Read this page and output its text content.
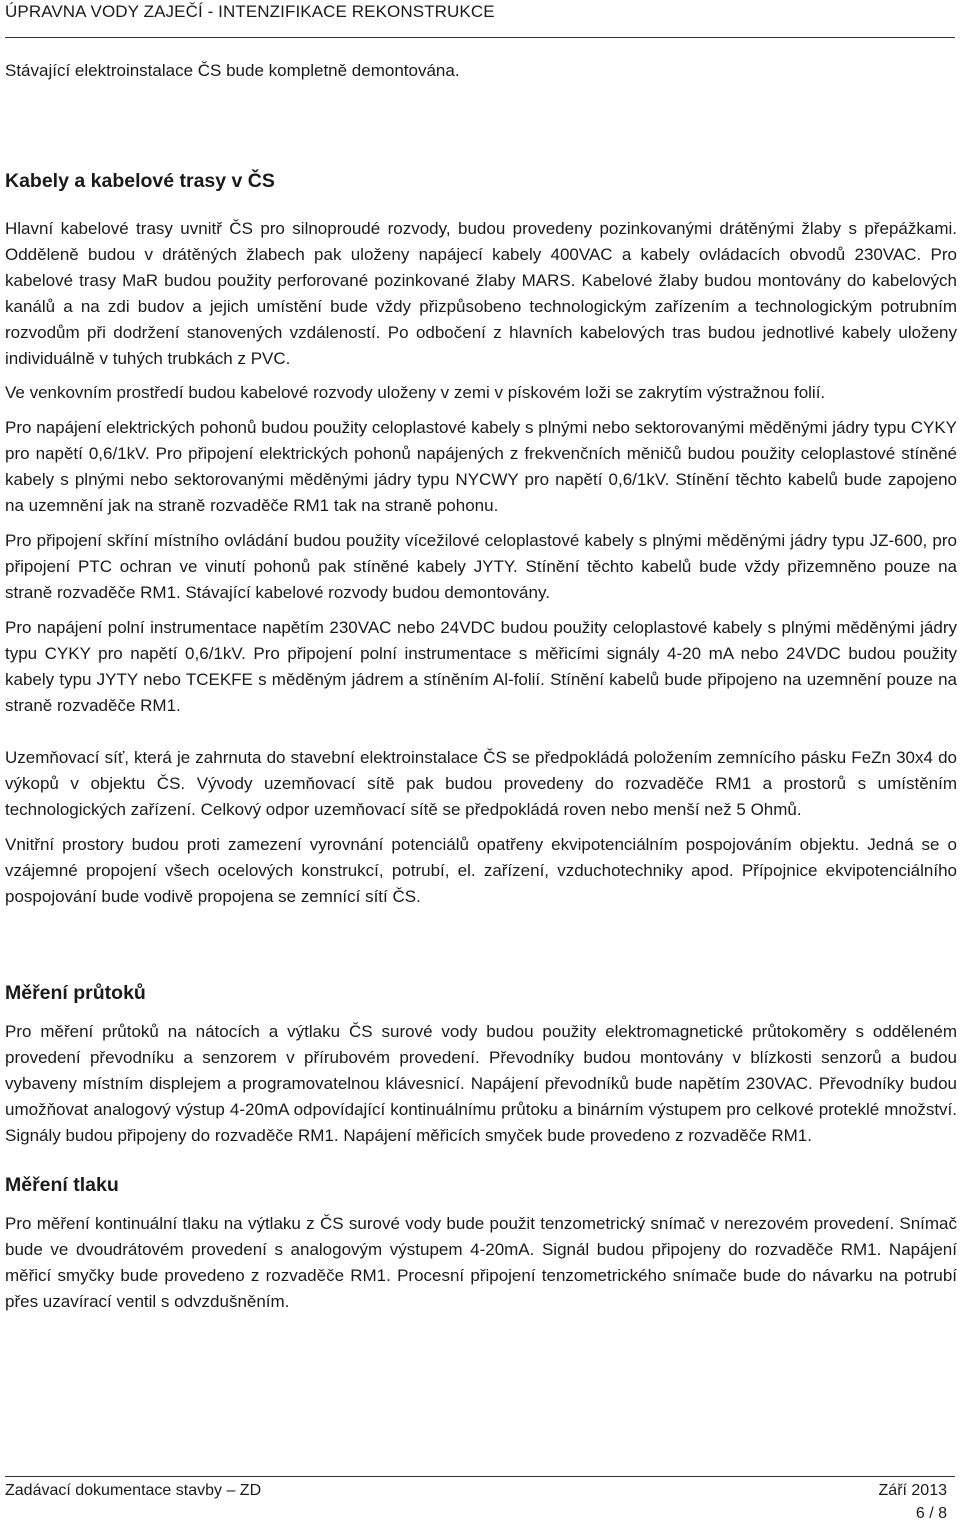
ÚPRAVNA VODY ZAJEČÍ - INTENZIFIKACE REKONSTRUKCE

Stávající elektroinstalace ČS bude kompletně demontována.

Kabely a kabelové trasy v ČS

Hlavní kabelové trasy uvnitř ČS pro silnoproudé rozvody, budou provedeny pozinkovanými drátěnými žlaby s přepážkami. Odděleně budou v drátěných žlabech pak uloženy napájecí kabely 400VAC a kabely ovládacích obvodů 230VAC. Pro kabelové trasy MaR budou použity perforované pozinkované žlaby MARS. Kabelové žlaby budou montovány do kabelových kanálů a na zdi budov a jejich umístění bude vždy přizpůsobeno technologickým zařízením a technologickým potrubním rozvodům při dodržení stanovených vzdáleností. Po odbočení z hlavních kabelových tras budou jednotlivé kabely uloženy individuálně v tuhých trubkách z PVC.

Ve venkovním prostředí budou kabelové rozvody uloženy v zemi v pískovém loži se zakrytím výstražnou folií.

Pro napájení elektrických pohonů budou použity celoplastové kabely s plnými nebo sektorovanými měděnými jádry typu CYKY pro napětí 0,6/1kV. Pro připojení elektrických pohonů napájených z frekvenčních měničů budou použity celoplastové stíněné kabely s plnými nebo sektorovanými měděnými jádry typu NYCWY pro napětí 0,6/1kV. Stínění těchto kabelů bude zapojeno na uzemnění jak na straně rozvaděče RM1 tak na straně pohonu.

Pro připojení skříní místního ovládání budou použity vícežilové celoplastové kabely s plnými měděnými jádry typu JZ-600, pro připojení PTC ochran ve vinutí pohonů pak stíněné kabely JYTY. Stínění těchto kabelů bude vždy přizemněno pouze na straně rozvaděče RM1. Stávající kabelové rozvody budou demontovány.

Pro napájení polní instrumentace napětím 230VAC nebo 24VDC budou použity celoplastové kabely s plnými měděnými jádry typu CYKY pro napětí 0,6/1kV. Pro připojení polní instrumentace s měřicími signály 4-20 mA nebo 24VDC budou použity kabely typu JYTY nebo TCEKFE s měděným jádrem a stíněním Al-folií. Stínění kabelů bude připojeno na uzemnění pouze na straně rozvaděče RM1.

Uzemňovací síť, která je zahrnuta do stavební elektroinstalace ČS se předpokládá položením zemnícího pásku FeZn 30x4 do výkopů v objektu ČS. Vývody uzemňovací sítě pak budou provedeny do rozvaděče RM1 a prostorů s umístěním technologických zařízení. Celkový odpor uzemňovací sítě se předpokládá roven nebo menší než 5 Ohmů.

Vnitřní prostory budou proti zamezení vyrovnání potenciálů opatřeny ekvipotenciálním pospojováním objektu. Jedná se o vzájemné propojení všech ocelových konstrukcí, potrubí, el. zařízení, vzduchotechniky apod. Přípojnice ekvipotenciálního pospojování bude vodivě propojena se zemnící sítí ČS.

Měření průtoků

Pro měření průtoků na nátocích a výtlaku ČS surové vody budou použity elektromagnetické průtokoměry s odděleném provedení převodníku a senzorem v přírubovém provedení. Převodníky budou montovány v blízkosti senzorů a budou vybaveny místním displejem a programovatelnou klávesnicí. Napájení převodníků bude napětím 230VAC. Převodníky budou umožňovat analogový výstup 4-20mA odpovídající kontinuálnímu průtoku a binárním výstupem pro celkové proteklé množství. Signály budou připojeny do rozvaděče RM1. Napájení měřicích smyček bude provedeno z rozvaděče RM1.

Měření tlaku

Pro měření kontinuální tlaku na výtlaku z ČS surové vody bude použit tenzometrický snímač v nerezovém provedení. Snímač bude ve dvoudrátovém provedení s analogovým výstupem 4-20mA. Signál budou připojeny do rozvaděče RM1. Napájení měřicí smyčky bude provedeno z rozvaděče RM1. Procesní připojení tenzometrického snímače bude do návarku na potrubí přes uzavírací ventil s odvzdušněním.

Zadávací dokumentace stavby – ZD	Září 2013
6 / 8
